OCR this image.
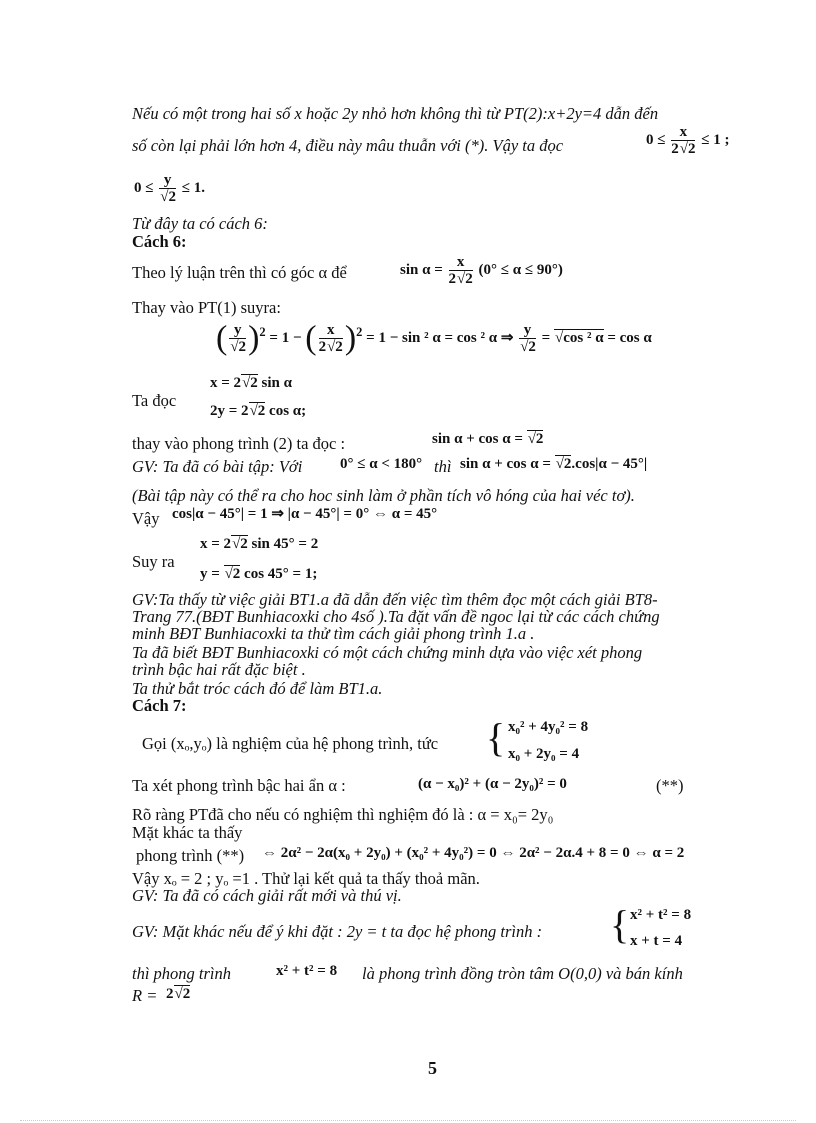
Nếu có một trong hai số x hoặc 2y nhỏ hơn không thì từ PT(2):x+2y=4 dẫn đến
số còn lại phải lớn hơn 4, điều này mâu thuẫn với (*). Vậy ta đọc	$0 \le \frac{x}{2√2} \le 1$ ;
$0 \le \frac{y}{√2} \le 1$.
Từ đây ta có cách 6:
Cách 6:
Theo lý luận trên thì có góc α để	$\sin \alpha = \frac{x}{2√2} (0^\circ \le \alpha \le 90^\circ)$
Thay vào PT(1) suyra:
( $\frac{y}{√2} )^2 = 1$ − ( $\frac{x}{2√2} )^2 = 1 - \sin ^2$ α = cos ² α ⇒ $\frac{y}{√2} = √\cos$ ² α = cos α
Ta đọc
x = 2√2 sin α
2y = 2√2 cos α;
thay vào phong trình (2) ta đọc :	sin α + cos α = √2
GV: Ta đã có bài tập: Với	0° ≤ α < 180° thì sin α + cos α = √2.cos|α − 45°|
(Bài tập này có thể ra cho hoc sinh làm ở phần tích vô hóng của hai véc tơ).
Vậy cos|α − 45°| = 1 ⇒ |α − 45°| = 0° ⇔ α = 45°
Suy ra
x = 2√2 sin 45° = 2
y = √2 cos 45° = 1;
GV:Ta thấy từ việc giải BT1.a đã dẫn đến việc tìm thêm đọc một cách giải BT8-
Trang 77.(BĐT Bunhiacoxki cho 4số ).Ta đặt vấn đề ngoc lại từ các cách chứng
minh BĐT Bunhiacoxki ta thử tìm cách giải phong trình 1.a .
Ta đã biết BĐT Bunhiacoxki có một cách chứng minh dựa vào việc xét phong
trình bậc hai rất đặc biệt .
Ta thử bắt tróc cách đó để làm BT1.a.
Cách 7:
Gọi (xₒ,yₒ) là nghiệm của hệ phong trình, tức { x₀² + 4y₀² = 8
x₀ + 2y₀ = 4
Ta xét phong trình bậc hai ẩn α :	(α − x₀)² + (α − 2y₀)² = 0	(**)
Rõ ràng PTđã cho nếu có nghiệm thì nghiệm đó là : α = x₀= 2y₀
Mặt khác ta thấy
phong trình (**) ⇔ 2α² − 2α(x₀ + 2y₀) + (x₀² + 4y₀²) = 0 ⇔ 2α² − 2α.4 + 8 = 0 ⇔ α = 2
Vậy xₒ = 2 ; yₒ =1 . Thử lại kết quả ta thấy thoả mãn.
GV: Ta đã có cách giải rất mới và thú vị.
GV: Mặt khác nếu để ý khi đặt : 2y = t ta đọc hệ phong trình : { x² + t² = 8
x + t = 4
thì phong trình	x² + t² = 8 là phong trình đồng tròn tâm O(0,0) và bán kính
R = 2√2
5
